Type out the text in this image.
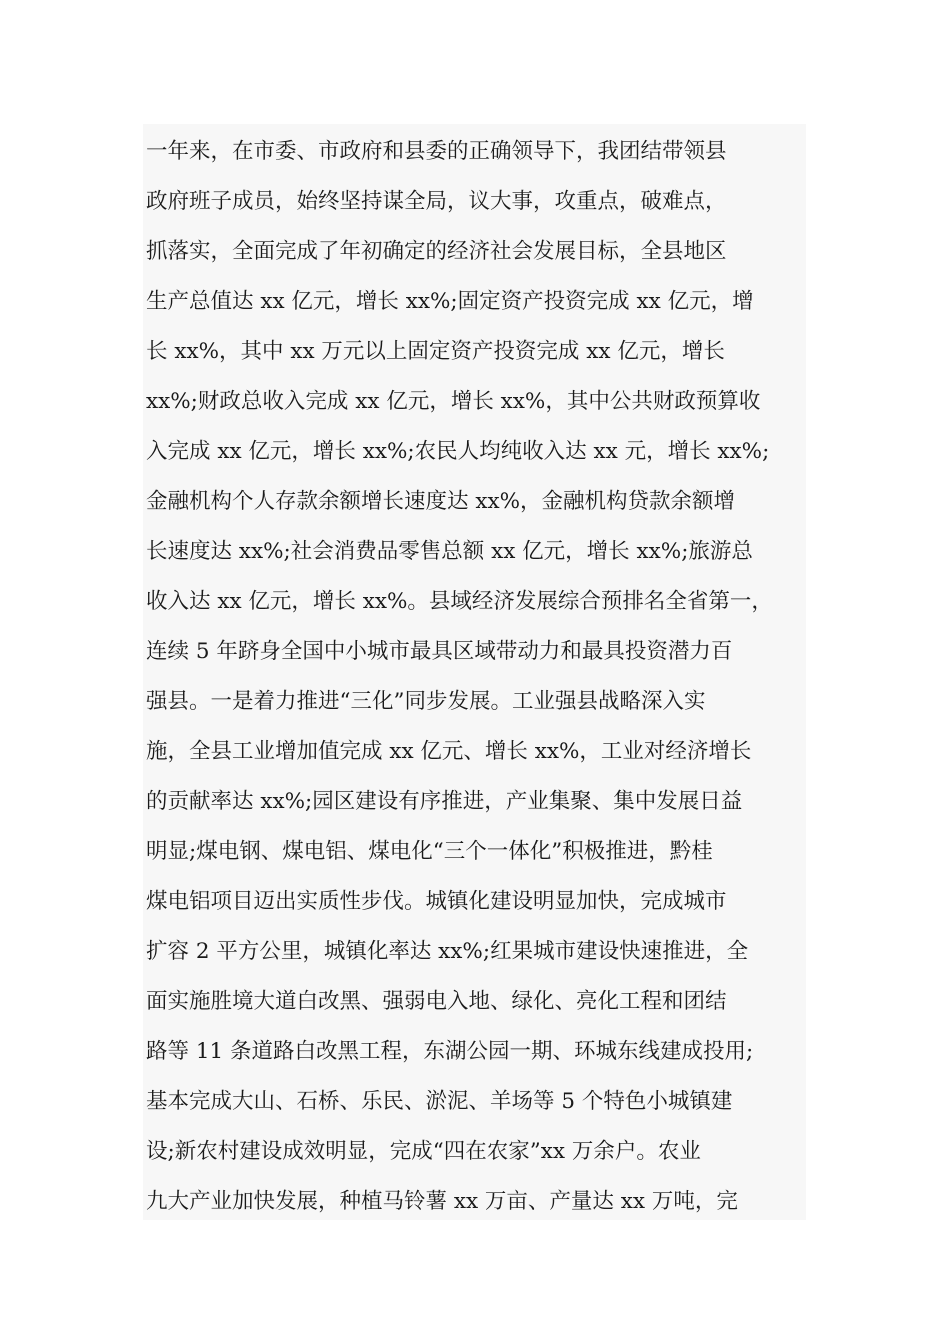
一年来，在市委、市政府和县委的正确领导下，我团结带领县
政府班子成员，始终坚持谋全局，议大事，攻重点，破难点，
抓落实，全面完成了年初确定的经济社会发展目标，全县地区
生产总值达 xx 亿元，增长 xx%;固定资产投资完成 xx 亿元，增
长 xx%，其中 xx 万元以上固定资产投资完成 xx 亿元，增长
xx%;财政总收入完成 xx 亿元，增长 xx%，其中公共财政预算收
入完成 xx 亿元，增长 xx%;农民人均纯收入达 xx 元，增长 xx%;
金融机构个人存款余额增长速度达 xx%，金融机构贷款余额增
长速度达 xx%;社会消费品零售总额 xx 亿元，增长 xx%;旅游总
收入达 xx 亿元，增长 xx%。县域经济发展综合预排名全省第一，
连续 5 年跻身全国中小城市最具区域带动力和最具投资潜力百
强县。一是着力推进“三化”同步发展。工业强县战略深入实
施，全县工业增加值完成 xx 亿元、增长 xx%，工业对经济增长
的贡献率达 xx%;园区建设有序推进，产业集聚、集中发展日益
明显;煤电钢、煤电铝、煤电化“三个一体化”积极推进，黔桂
煤电铝项目迈出实质性步伐。城镇化建设明显加快，完成城市
扩容 2 平方公里，城镇化率达 xx%;红果城市建设快速推进，全
面实施胜境大道白改黑、强弱电入地、绿化、亮化工程和团结
路等 11 条道路白改黑工程，东湖公园一期、环城东线建成投用;
基本完成大山、石桥、乐民、淤泥、羊场等 5 个特色小城镇建
设;新农村建设成效明显，完成“四在农家”xx 万余户。农业
九大产业加快发展，种植马铃薯 xx 万亩、产量达 xx 万吨，完
